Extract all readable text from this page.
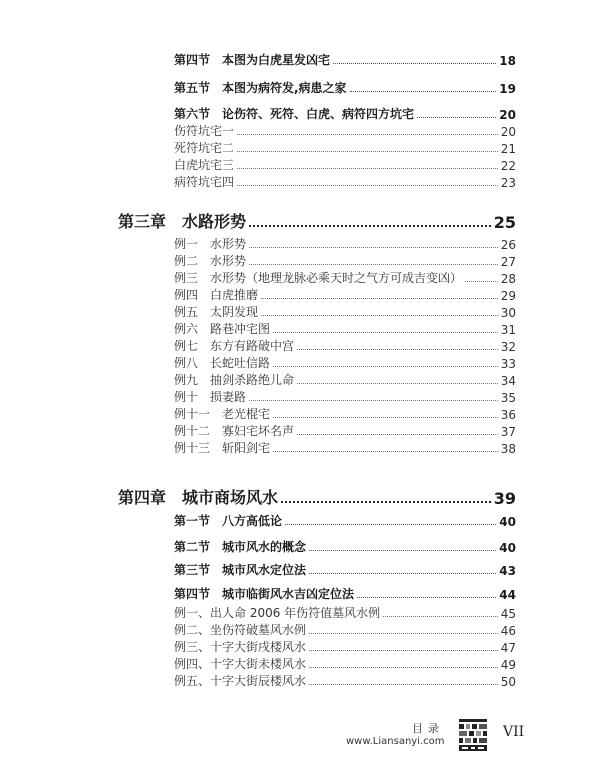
第四节　本图为白虎星发凶宅	18
第五节　本图为病符发,病患之家	19
第六节　论伤符、死符、白虎、病符四方坑宅	20
伤符坑宅一	20
死符坑宅二	21
白虎坑宅三	22
病符坑宅四	23
第三章　水路形势	25
例一　水形势	26
例二　水形势	27
例三　水形势（地理龙脉必乘天时之气方可成吉变凶）	28
例四　白虎推磨	29
例五　太阴发现	30
例六　路巷冲宅图	31
例七　东方有路破中宫	32
例八　长蛇吐信路	33
例九　抽剑杀路绝儿命	34
例十　损妻路	35
例十一　老光棍宅	36
例十二　寡妇宅坏名声	37
例十三　斩阳剑宅	38
第四章　城市商场风水	39
第一节　八方高低论	40
第二节　城市风水的概念	40
第三节　城市风水定位法	43
第四节　城市临街风水吉凶定位法	44
例一、出人命 2006 年伤符值墓风水例	45
例二、坐伤符破墓风水例	46
例三、十字大街戌楼风水	47
例四、十字大街未楼风水	49
例五、十字大街辰楼风水	50
目录
www.Liansanyi.com
VII
